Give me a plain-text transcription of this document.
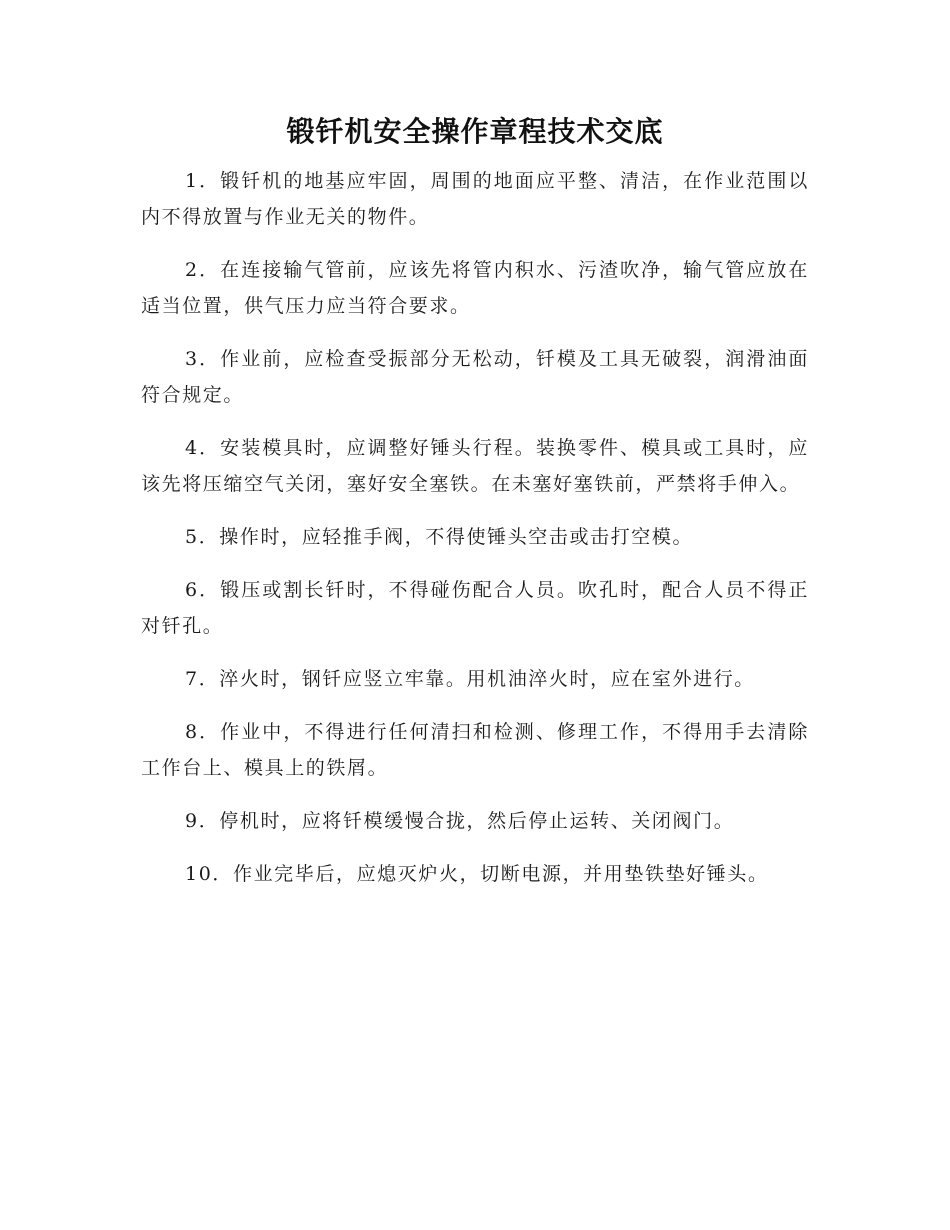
锻钎机安全操作章程技术交底

1．锻钎机的地基应牢固，周围的地面应平整、清洁，在作业范围以内不得放置与作业无关的物件。

2．在连接输气管前，应该先将管内积水、污渣吹净，输气管应放在适当位置，供气压力应当符合要求。

3．作业前，应检查受振部分无松动，钎模及工具无破裂，润滑油面符合规定。

4．安装模具时，应调整好锤头行程。装换零件、模具或工具时，应该先将压缩空气关闭，塞好安全塞铁。在未塞好塞铁前，严禁将手伸入。

5．操作时，应轻推手阀，不得使锤头空击或击打空模。

6．锻压或割长钎时，不得碰伤配合人员。吹孔时，配合人员不得正对钎孔。

7．淬火时，钢钎应竖立牢靠。用机油淬火时，应在室外进行。

8．作业中，不得进行任何清扫和检测、修理工作，不得用手去清除工作台上、模具上的铁屑。

9．停机时，应将钎模缓慢合拢，然后停止运转、关闭阀门。

10．作业完毕后，应熄灭炉火，切断电源，并用垫铁垫好锤头。
